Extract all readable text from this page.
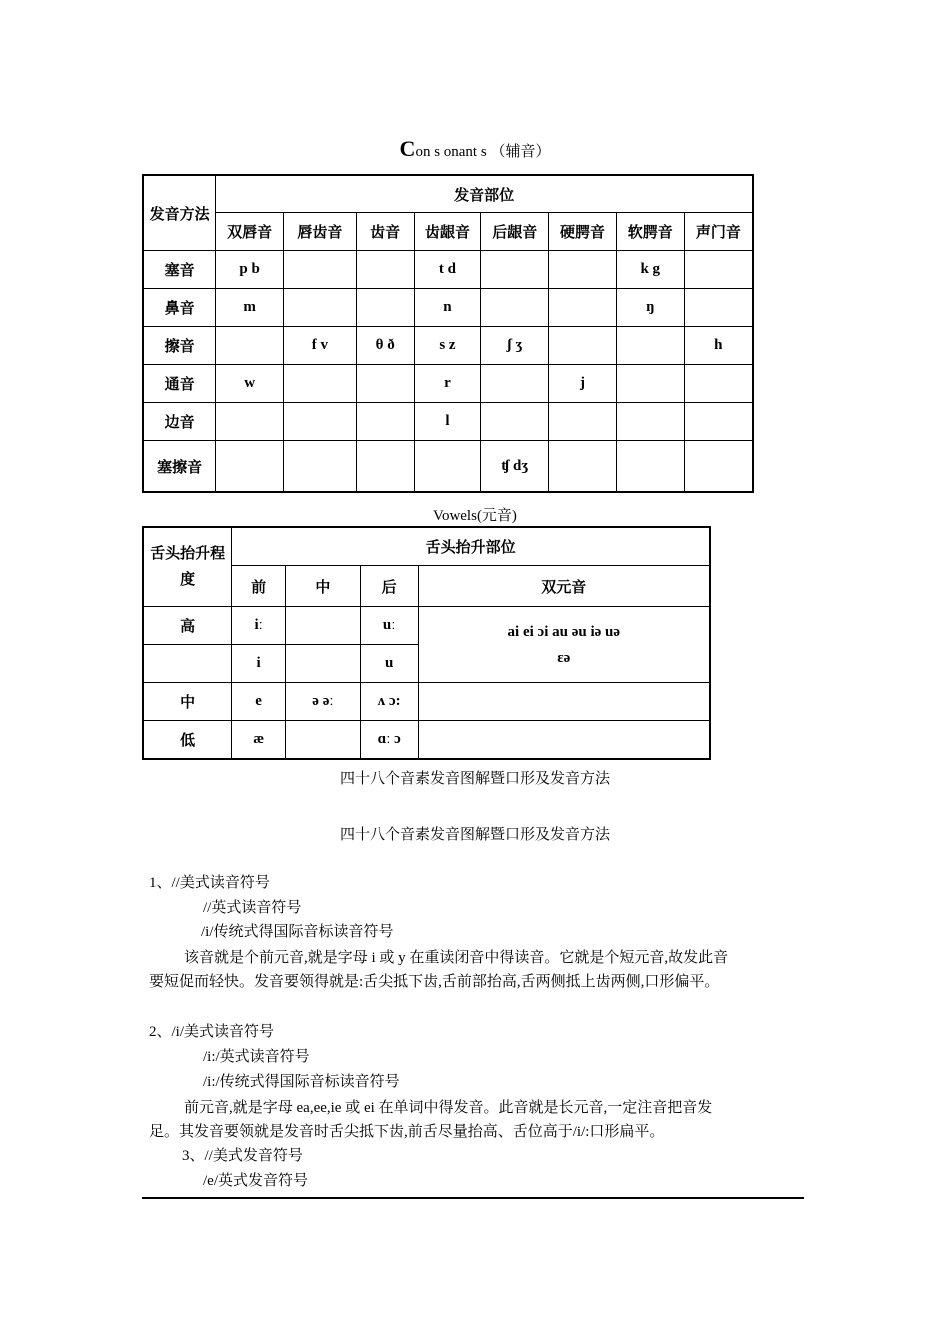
Con s onant s （辅音）
发音方法	发音部位							
	双唇音	唇齿音	齿音	齿龈音	后龈音	硬腭音	软腭音	声门音
塞音	p b			t d			k g	
鼻音	m			n			ŋ	
擦音		f v	θ ð	s z	ʃ ʒ			h
通音	w			r		j		
边音				l				
塞擦音					ʧ dʒ			
Vowels(元音)
舌头抬升程度	舌头抬升部位			
	前	中	后	双元音
高	iː		uː	ai ei ɔi au əu iə uə
ɛə

	i		u	
中	e	ə əː	ʌ ɔ:	
低	æ		ɑː ɔ	
四十八个音素发音图解暨口形及发音方法
四十八个音素发音图解暨口形及发音方法
1、//美式读音符号
//英式读音符号
/i/传统式得国际音标读音符号
该音就是个前元音,就是字母 i 或 y 在重读闭音中得读音。它就是个短元音,故发此音
要短促而轻快。发音要领得就是:舌尖抵下齿,舌前部抬高,舌两侧抵上齿两侧,口形偏平。
2、/i/美式读音符号
/i:/英式读音符号
/i:/传统式得国际音标读音符号
前元音,就是字母 ea,ee,ie 或 ei 在单词中得发音。此音就是长元音,一定注音把音发
足。其发音要领就是发音时舌尖抵下齿,前舌尽量抬高、舌位高于/i/:口形扁平。
3、//美式发音符号
/e/英式发音符号
